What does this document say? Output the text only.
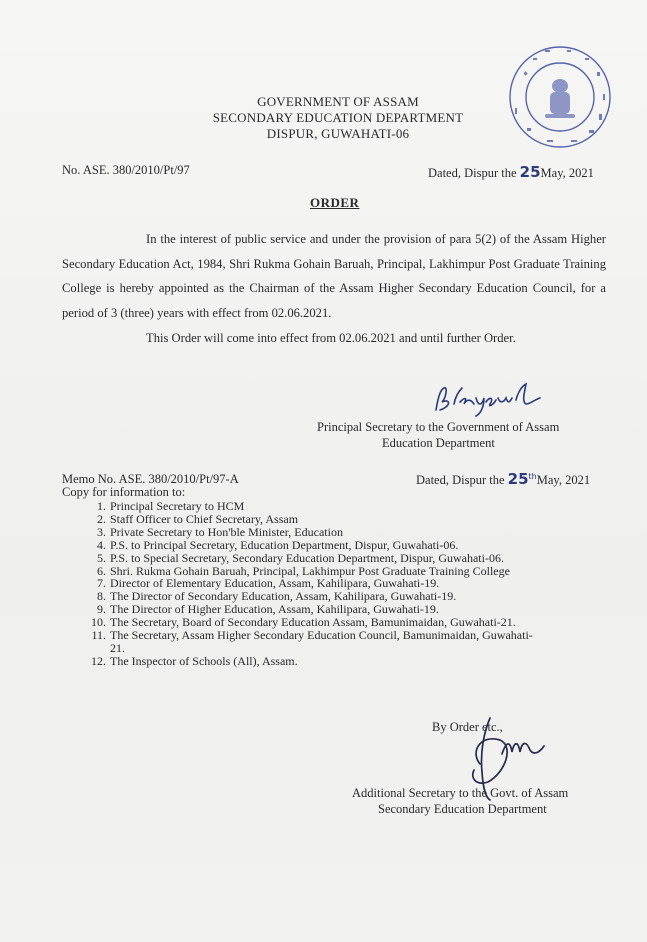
GOVERNMENT OF ASSAM
SECONDARY EDUCATION DEPARTMENT
DISPUR, GUWAHATI-06
No. ASE. 380/2010/Pt/97	Dated, Dispur the 25May, 2021
ORDER
In the interest of public service and under the provision of para 5(2) of the Assam Higher Secondary Education Act, 1984, Shri Rukma Gohain Baruah, Principal, Lakhimpur Post Graduate Training College is hereby appointed as the Chairman of the Assam Higher Secondary Education Council, for a period of 3 (three) years with effect from 02.06.2021.
This Order will come into effect from 02.06.2021 and until further Order.
Principal Secretary to the Government of Assam
Education Department
Memo No. ASE. 380/2010/Pt/97-A	Dated, Dispur the 25thMay, 2021
Copy for information to:
1. Principal Secretary to HCM
2. Staff Officer to Chief Secretary, Assam
3. Private Secretary to Hon'ble Minister, Education
4. P.S. to Principal Secretary, Education Department, Dispur, Guwahati-06.
5. P.S. to Special Secretary, Secondary Education Department, Dispur, Guwahati-06.
6. Shri. Rukma Gohain Baruah, Principal, Lakhimpur Post Graduate Training College
7. Director of Elementary Education, Assam, Kahilipara, Guwahati-19.
8. The Director of Secondary Education, Assam, Kahilipara, Guwahati-19.
9. The Director of Higher Education, Assam, Kahilipara, Guwahati-19.
10. The Secretary, Board of Secondary Education Assam, Bamunimaidan, Guwahati-21.
11. The Secretary, Assam Higher Secondary Education Council, Bamunimaidan, Guwahati-
21.
12. The Inspector of Schools (All), Assam.
By Order etc.,
Additional Secretary to the Govt. of Assam
Secondary Education Department
